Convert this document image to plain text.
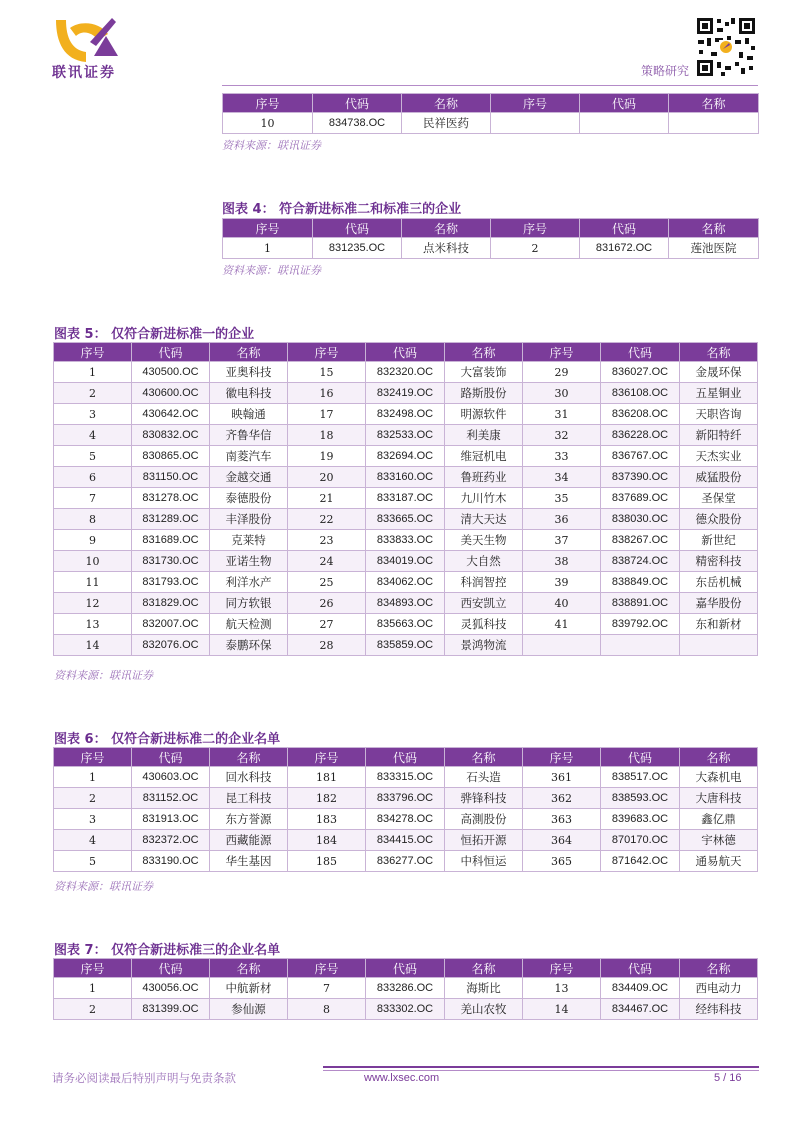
联讯证券	策略研究
序号	代码	名称	序号	代码	名称
10	834738.OC	民祥医药			
资料来源：联讯证券
图表 4： 符合新进标准二和标准三的企业
序号	代码	名称	序号	代码	名称
1	831235.OC	点米科技	2	831672.OC	莲池医院
资料来源：联讯证券
图表 5： 仅符合新进标准一的企业
序号	代码	名称	序号	代码	名称	序号	代码	名称
1	430500.OC	亚奥科技	15	832320.OC	大富装饰	29	836027.OC	金晟环保
2	430600.OC	徽电科技	16	832419.OC	路斯股份	30	836108.OC	五星铜业
3	430642.OC	映翰通	17	832498.OC	明源软件	31	836208.OC	天职咨询
4	830832.OC	齐鲁华信	18	832533.OC	利美康	32	836228.OC	新阳特纤
5	830865.OC	南菱汽车	19	832694.OC	维冠机电	33	836767.OC	天杰实业
6	831150.OC	金越交通	20	833160.OC	鲁班药业	34	837390.OC	威猛股份
7	831278.OC	泰德股份	21	833187.OC	九川竹木	35	837689.OC	圣保堂
8	831289.OC	丰泽股份	22	833665.OC	清大天达	36	838030.OC	德众股份
9	831689.OC	克莱特	23	833833.OC	美天生物	37	838267.OC	新世纪
10	831730.OC	亚诺生物	24	834019.OC	大自然	38	838724.OC	精密科技
11	831793.OC	利洋水产	25	834062.OC	科润智控	39	838849.OC	东岳机械
12	831829.OC	同方软银	26	834893.OC	西安凯立	40	838891.OC	嘉华股份
13	832007.OC	航天检测	27	835663.OC	灵狐科技	41	839792.OC	东和新材
14	832076.OC	泰鹏环保	28	835859.OC	景鸿物流			
资料来源：联讯证券
图表 6： 仅符合新进标准二的企业名单
序号	代码	名称	序号	代码	名称	序号	代码	名称
1	430603.OC	回水科技	181	833315.OC	石头造	361	838517.OC	大森机电
2	831152.OC	昆工科技	182	833796.OC	骅锋科技	362	838593.OC	大唐科技
3	831913.OC	东方誉源	183	834278.OC	高測股份	363	839683.OC	鑫亿鼎
4	832372.OC	西藏能源	184	834415.OC	恒拓开源	364	870170.OC	宇林德
5	833190.OC	华生基因	185	836277.OC	中科恒运	365	871642.OC	通易航天
资料来源：联讯证券
图表 7： 仅符合新进标准三的企业名单
序号	代码	名称	序号	代码	名称	序号	代码	名称
1	430056.OC	中航新材	7	833286.OC	海斯比	13	834409.OC	西电动力
2	831399.OC	参仙源	8	833302.OC	羌山农牧	14	834467.OC	经纬科技
请务必阅读最后特别声明与免责条款	www.lxsec.com	5 / 16
